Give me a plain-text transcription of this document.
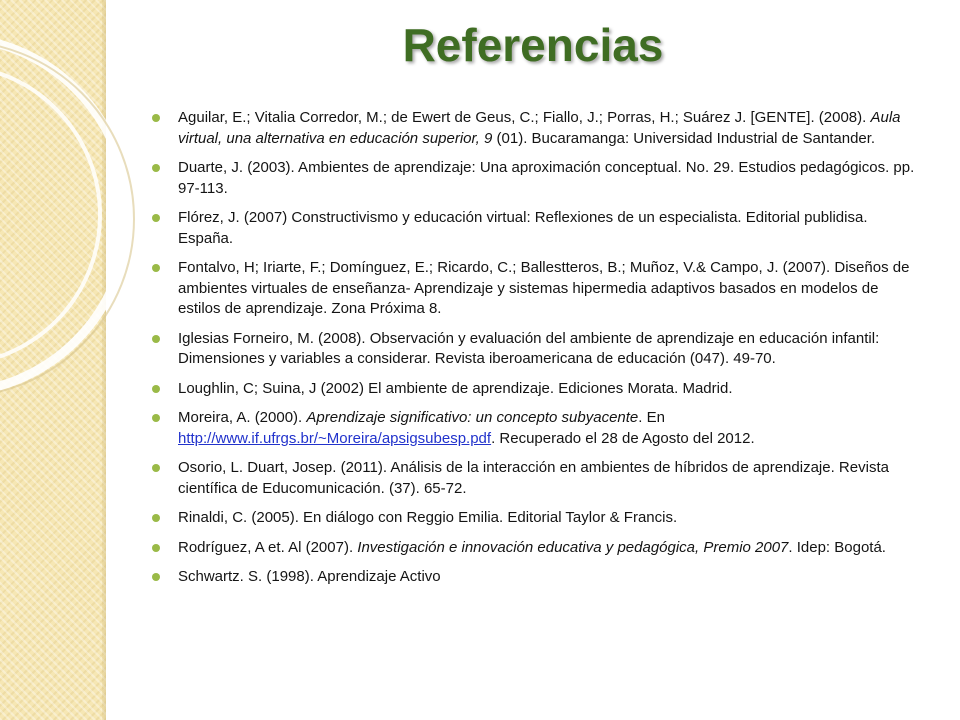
Referencias
Aguilar, E.; Vitalia Corredor, M.; de Ewert de Geus, C.; Fiallo, J.; Porras, H.; Suárez J. [GENTE]. (2008). Aula virtual, una alternativa en educación superior, 9 (01). Bucaramanga: Universidad Industrial de Santander.
Duarte, J. (2003). Ambientes de aprendizaje: Una aproximación conceptual. No. 29. Estudios pedagógicos. pp. 97-113.
Flórez, J. (2007) Constructivismo y educación virtual: Reflexiones de un especialista. Editorial publidisa. España.
Fontalvo, H; Iriarte, F.; Domínguez, E.; Ricardo, C.; Ballestteros, B.; Muñoz, V.& Campo, J. (2007). Diseños de ambientes virtuales de enseñanza- Aprendizaje y sistemas hipermedia adaptivos basados en modelos de estilos de aprendizaje. Zona Próxima 8.
Iglesias Forneiro, M. (2008). Observación y evaluación del ambiente de aprendizaje en educación infantil: Dimensiones y variables a considerar. Revista iberoamericana de educación (047). 49-70.
Loughlin, C; Suina, J (2002) El ambiente de aprendizaje. Ediciones Morata. Madrid.
Moreira, A. (2000). Aprendizaje significativo: un concepto subyacente. En http://www.if.ufrgs.br/~Moreira/apsigsubesp.pdf. Recuperado el 28 de Agosto del 2012.
Osorio, L. Duart, Josep. (2011). Análisis de la interacción en ambientes de híbridos de aprendizaje. Revista científica de Educomunicación. (37). 65-72.
Rinaldi, C. (2005). En diálogo con Reggio Emilia. Editorial Taylor & Francis.
Rodríguez, A et. Al (2007). Investigación e innovación educativa y pedagógica, Premio 2007. Idep: Bogotá.
Schwartz. S. (1998). Aprendizaje Activo
